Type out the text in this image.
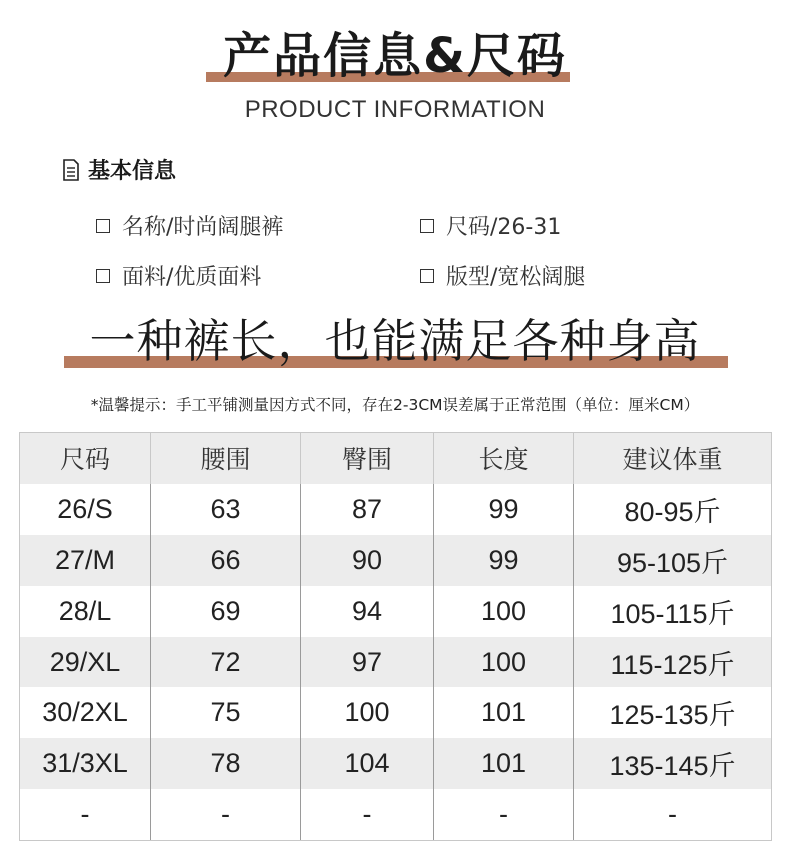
产品信息&尺码
PRODUCT INFORMATION
基本信息
名称/时尚阔腿裤	尺码/26-31
面料/优质面料	版型/宽松阔腿
一种裤长，也能满足各种身高
*温馨提示：手工平铺测量因方式不同，存在2-3CM误差属于正常范围（单位：厘米CM）
尺码	腰围	臀围	长度	建议体重
26/S	63	87	99	80-95斤
27/M	66	90	99	95-105斤
28/L	69	94	100	105-115斤
29/XL	72	97	100	115-125斤
30/2XL	75	100	101	125-135斤
31/3XL	78	104	101	135-145斤
-	-	-	-	-
